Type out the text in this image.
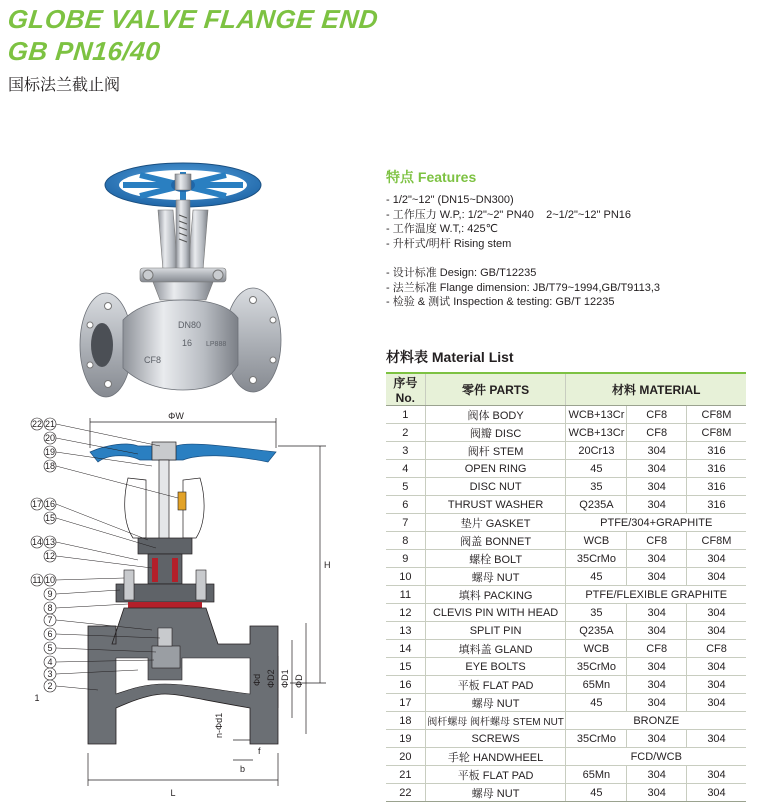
GLOBE VALVE FLANGE END
GB PN16/40
国标法兰截止阀
DN80
16
CF8
LP888
22 21
20
19
18
17 16
15
14 13
12
11 10
9
8
7
6
5
4
3
2
1
ΦW
H
Φd ΦD2 ΦD1 ΦD
n-Φd1
f
b
L
特点 Features
- 1/2"~12" (DN15~DN300)
- 工作压力 W.P,: 1/2"~2" PN40    2~1/2"~12" PN16
- 工作温度 W.T,: 425℃
- 升杆式/明杆 Rising stem
- 设计标准 Design: GB/T12235
- 法兰标准 Flange dimension: JB/T79~1994,GB/T9113,3
- 检验 & 测试 Inspection & testing: GB/T 12235
材料表 Material List
序号No.	零件 PARTS	材料 MATERIAL		
1	阀体 BODY	WCB+13Cr	CF8	CF8M
2	阀瓣 DISC	WCB+13Cr	CF8	CF8M
3	阀杆 STEM	20Cr13	304	316
4	OPEN RING	45	304	316
5	DISC NUT	35	304	316
6	THRUST WASHER	Q235A	304	316
7	垫片 GASKET	PTFE/304+GRAPHITE		
8	阀盖 BONNET	WCB	CF8	CF8M
9	螺栓 BOLT	35CrMo	304	304
10	螺母 NUT	45	304	304
11	填料 PACKING	PTFE/FLEXIBLE GRAPHITE		
12	CLEVIS PIN WITH HEAD	35	304	304
13	SPLIT PIN	Q235A	304	304
14	填料盖 GLAND	WCB	CF8	CF8
15	EYE BOLTS	35CrMo	304	304
16	平板 FLAT PAD	65Mn	304	304
17	螺母 NUT	45	304	304
18	阀杆螺母 阀杆螺母 STEM NUT	BRONZE		
19	SCREWS	35CrMo	304	304
20	手轮 HANDWHEEL	FCD/WCB		
21	平板 FLAT PAD	65Mn	304	304
22	螺母 NUT	45	304	304
